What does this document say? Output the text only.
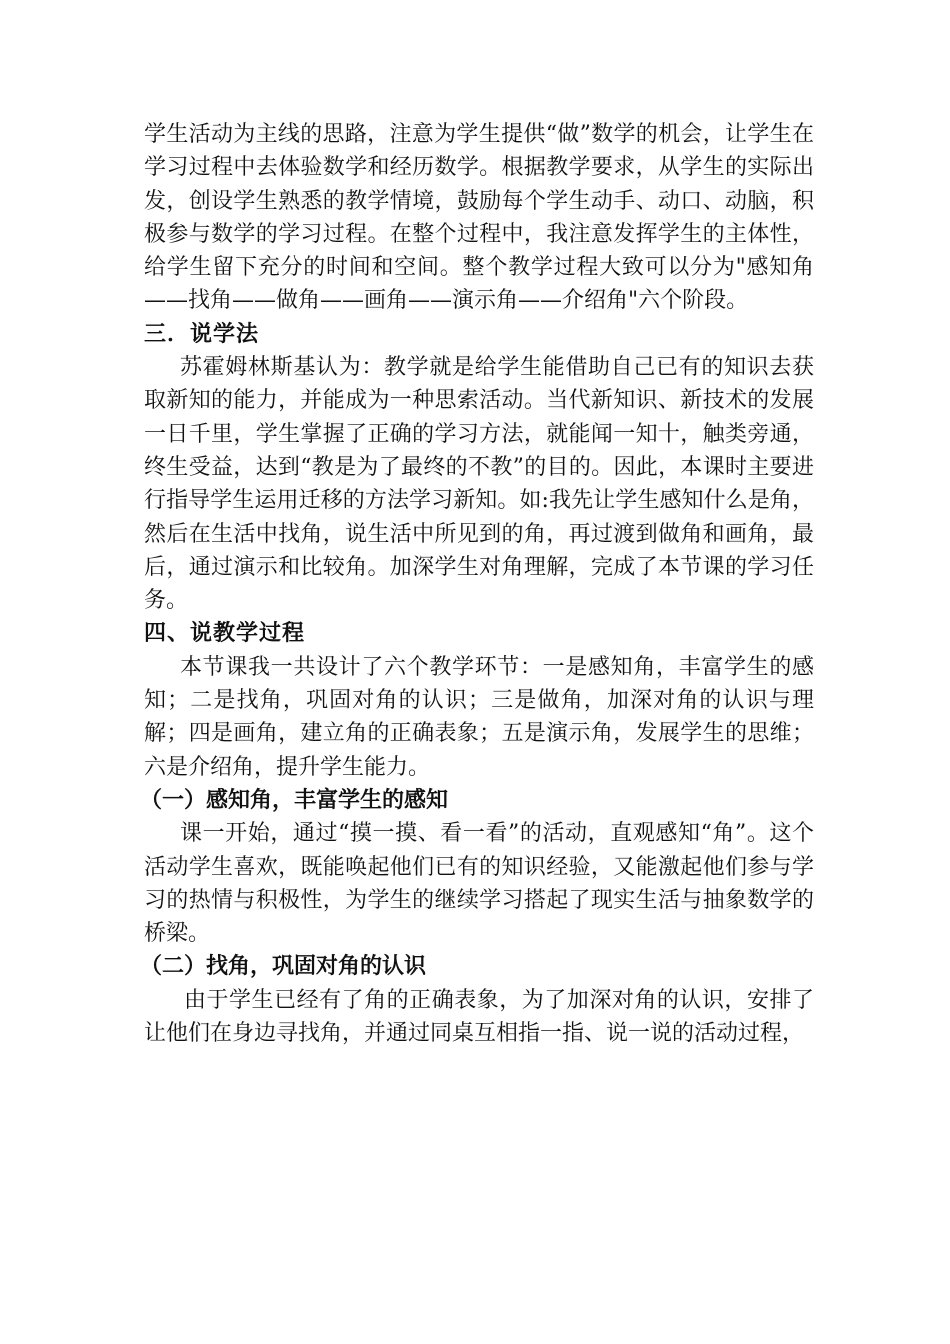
学生活动为主线的思路，注意为学生提供“做”数学的机会，让学生在学习过程中去体验数学和经历数学。根据教学要求，从学生的实际出发，创设学生熟悉的教学情境，鼓励每个学生动手、动口、动脑，积极参与数学的学习过程。在整个过程中，我注意发挥学生的主体性，给学生留下充分的时间和空间。整个教学过程大致可以分为"感知角——找角——做角——画角——演示角——介绍角"六个阶段。

三．说学法

苏霍姆林斯基认为：教学就是给学生能借助自己已有的知识去获取新知的能力，并能成为一种思索活动。当代新知识、新技术的发展一日千里，学生掌握了正确的学习方法，就能闻一知十，触类旁通，终生受益，达到“教是为了最终的不教”的目的。因此，本课时主要进行指导学生运用迁移的方法学习新知。如:我先让学生感知什么是角，然后在生活中找角，说生活中所见到的角，再过渡到做角和画角，最后，通过演示和比较角。加深学生对角理解，完成了本节课的学习任务。

四、说教学过程

本节课我一共设计了六个教学环节：一是感知角，丰富学生的感知；二是找角，巩固对角的认识；三是做角，加深对角的认识与理解；四是画角，建立角的正确表象；五是演示角，发展学生的思维；六是介绍角，提升学生能力。

（一）感知角，丰富学生的感知

课一开始，通过“摸一摸、看一看”的活动，直观感知“角”。这个活动学生喜欢，既能唤起他们已有的知识经验，又能激起他们参与学习的热情与积极性，为学生的继续学习搭起了现实生活与抽象数学的桥梁。

（二）找角，巩固对角的认识

由于学生已经有了角的正确表象，为了加深对角的认识，安排了让他们在身边寻找角，并通过同桌互相指一指、说一说的活动过程，
